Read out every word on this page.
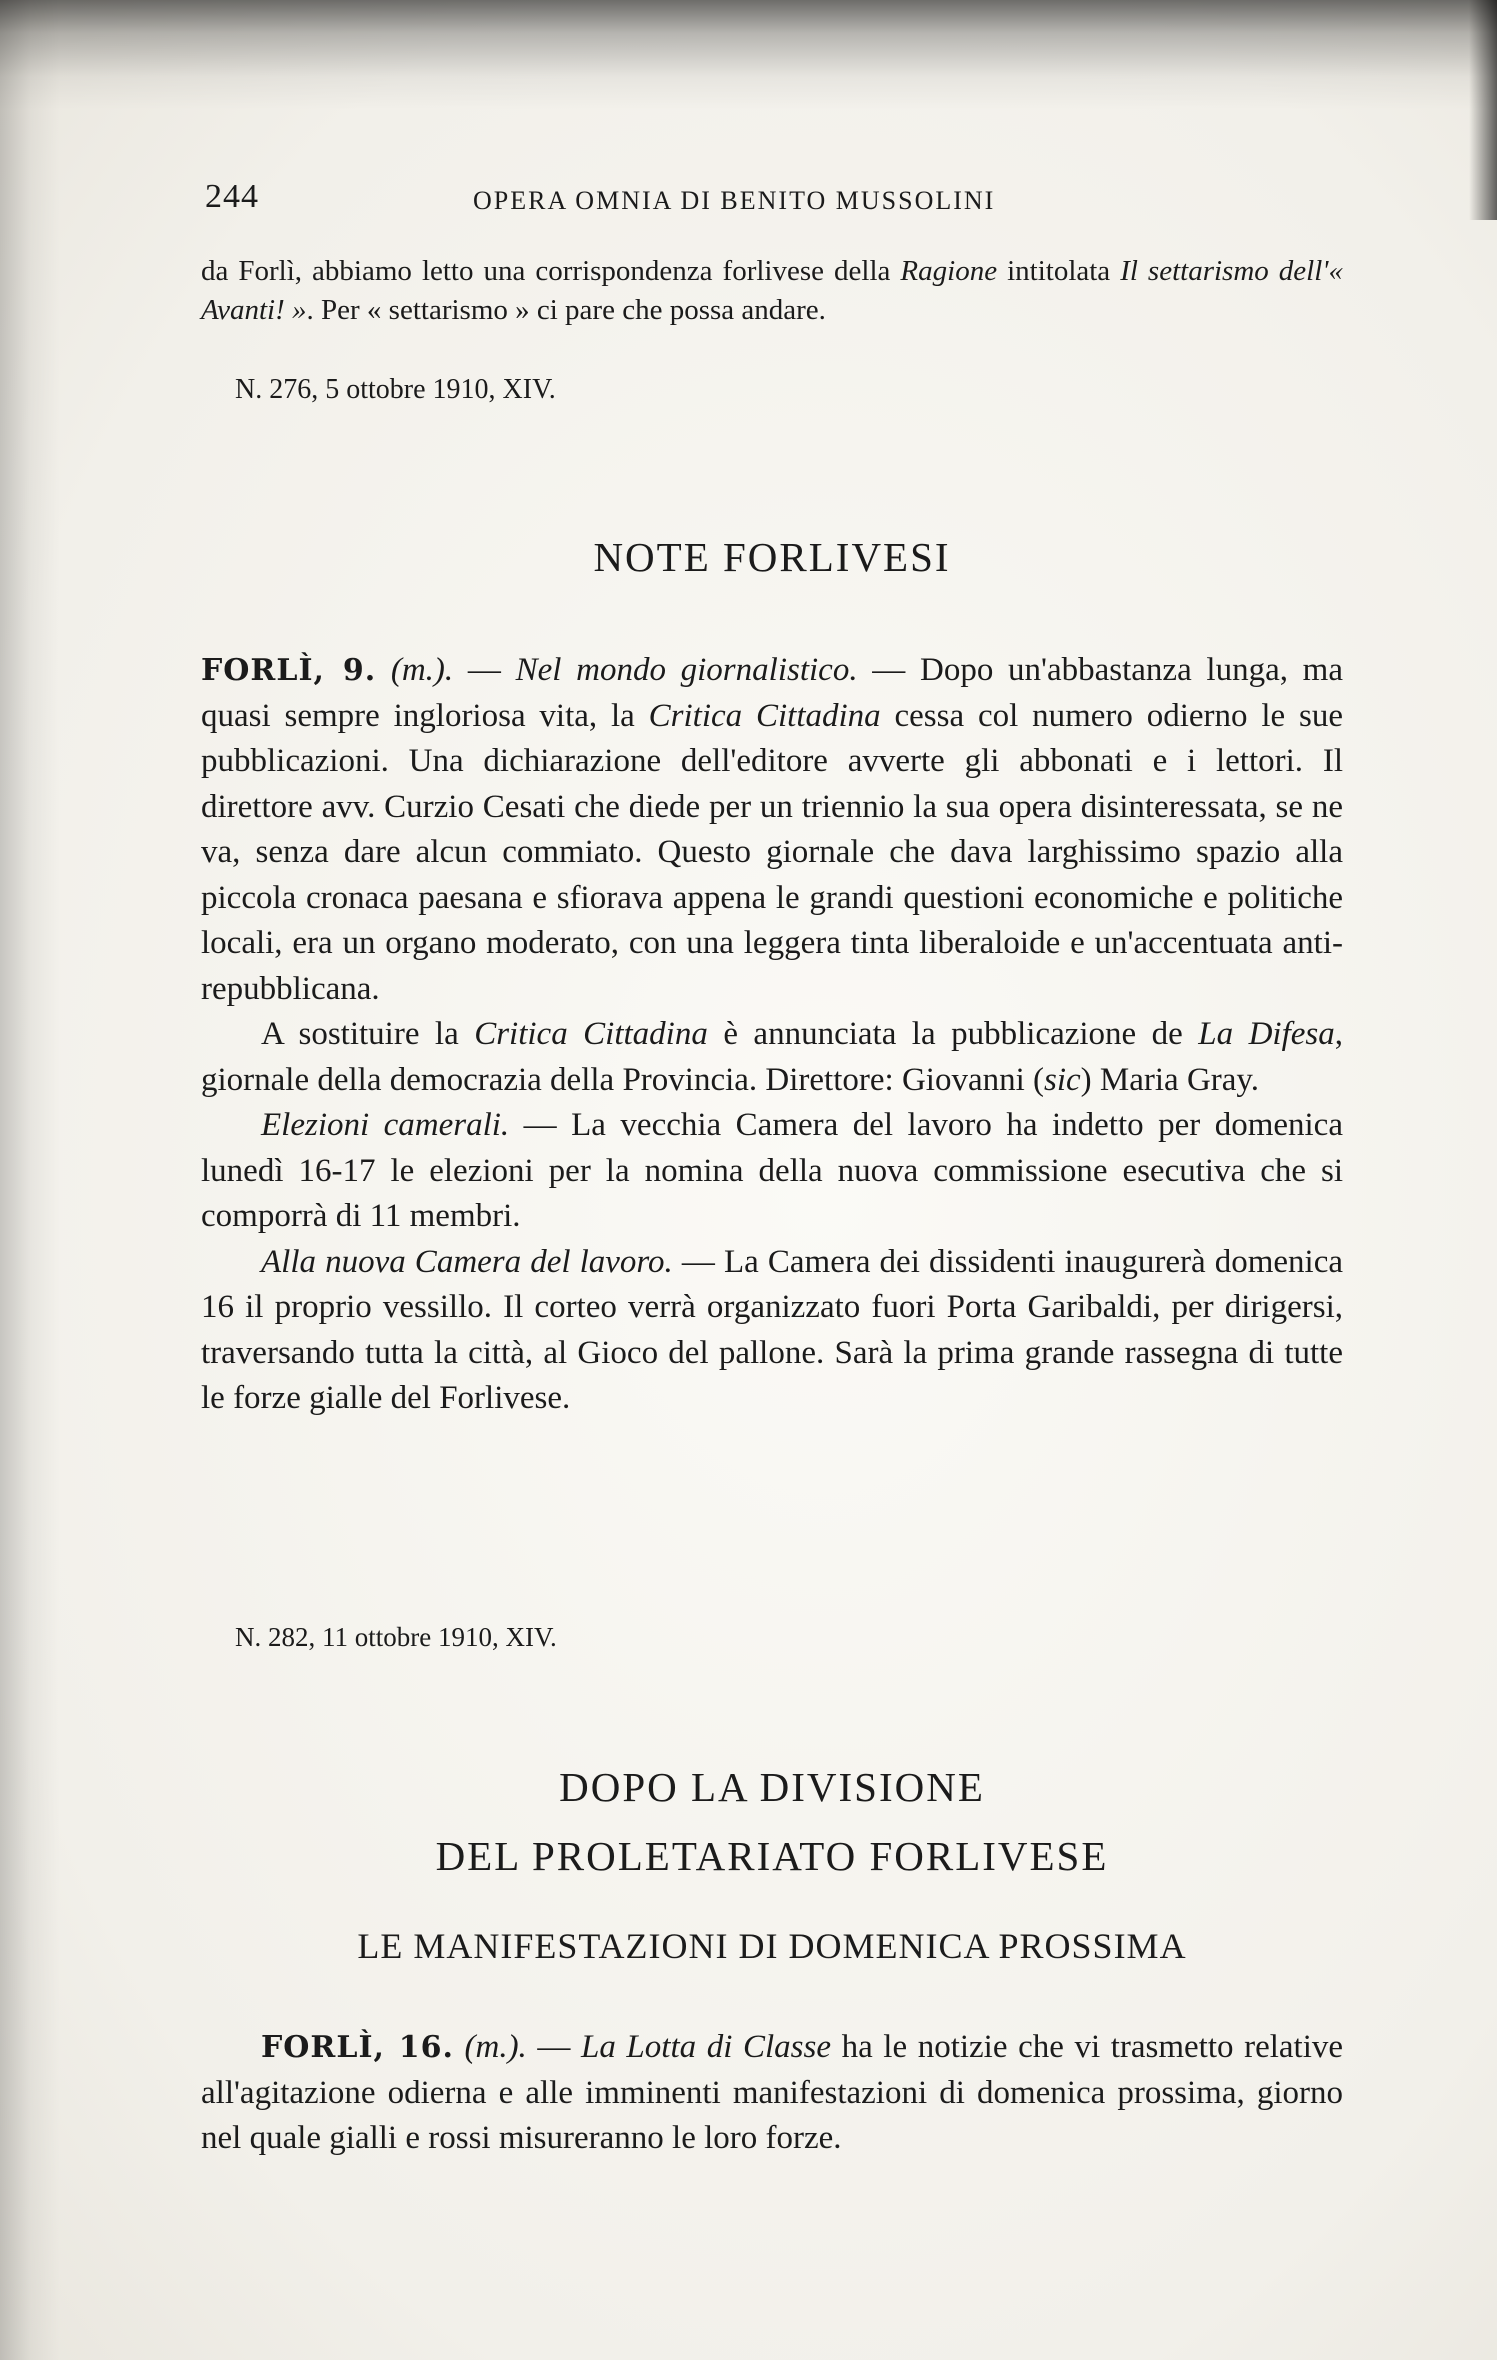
244	OPERA OMNIA DI BENITO MUSSOLINI
da Forlì, abbiamo letto una corrispondenza forlivese della Ragione intitolata Il settarismo dell'« Avanti! ». Per « settarismo » ci pare che possa andare.
N. 276, 5 ottobre 1910, XIV.
NOTE FORLIVESI

FORLÌ, 9. (m.). — Nel mondo giornalistico. — Dopo un'abbastanza lunga, ma quasi sempre ingloriosa vita, la Critica Cittadina cessa col numero odierno le sue pubblicazioni. Una dichiarazione dell'editore avverte gli abbonati e i lettori. Il direttore avv. Curzio Cesati che diede per un triennio la sua opera disinteressata, se ne va, senza dare alcun commiato. Questo giornale che dava larghissimo spazio alla piccola cronaca paesana e sfiorava appena le grandi questioni economiche e politiche locali, era un organo moderato, con una leggera tinta liberaloide e un'accentuata anti-repubblicana.

A sostituire la Critica Cittadina è annunciata la pubblicazione de La Difesa, giornale della democrazia della Provincia. Direttore: Giovanni (sic) Maria Gray.

Elezioni camerali. — La vecchia Camera del lavoro ha indetto per domenica lunedì 16-17 le elezioni per la nomina della nuova commissione esecutiva che si comporrà di 11 membri.

Alla nuova Camera del lavoro. — La Camera dei dissidenti inaugurerà domenica 16 il proprio vessillo. Il corteo verrà organizzato fuori Porta Garibaldi, per dirigersi, traversando tutta la città, al Gioco del pallone. Sarà la prima grande rassegna di tutte le forze gialle del Forlivese.

N. 282, 11 ottobre 1910, XIV.
DOPO LA DIVISIONE
DEL PROLETARIATO FORLIVESE
LE MANIFESTAZIONI DI DOMENICA PROSSIMA

FORLÌ, 16. (m.). — La Lotta di Classe ha le notizie che vi trasmetto relative all'agitazione odierna e alle imminenti manifestazioni di domenica prossima, giorno nel quale gialli e rossi misureranno le loro forze.
